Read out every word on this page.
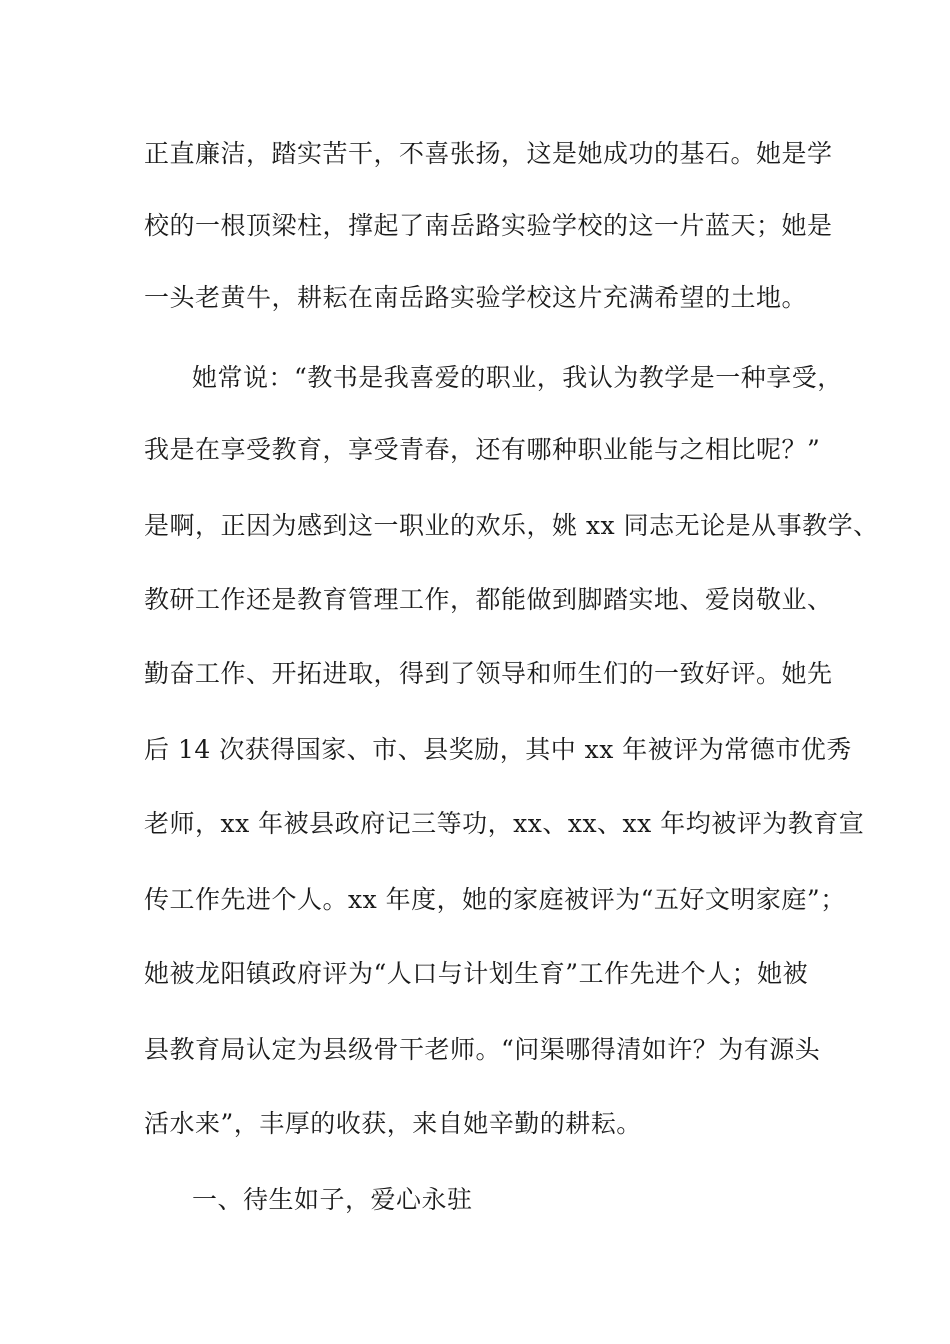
正直廉洁，踏实苦干，不喜张扬，这是她成功的基石。她是学
校的一根顶梁柱，撑起了南岳路实验学校的这一片蓝天；她是
一头老黄牛，耕耘在南岳路实验学校这片充满希望的土地。
她常说：“教书是我喜爱的职业，我认为教学是一种享受，
我是在享受教育，享受青春，还有哪种职业能与之相比呢？”
是啊，正因为感到这一职业的欢乐，姚 xx 同志无论是从事教学、
教研工作还是教育管理工作，都能做到脚踏实地、爱岗敬业、
勤奋工作、开拓进取，得到了领导和师生们的一致好评。她先
后 14 次获得国家、市、县奖励，其中 xx 年被评为常德市优秀
老师，xx 年被县政府记三等功，xx、xx、xx 年均被评为教育宣
传工作先进个人。xx 年度，她的家庭被评为“五好文明家庭”；
她被龙阳镇政府评为“人口与计划生育”工作先进个人；她被
县教育局认定为县级骨干老师。“问渠哪得清如许？为有源头
活水来”，丰厚的收获，来自她辛勤的耕耘。
一、待生如子，爱心永驻
